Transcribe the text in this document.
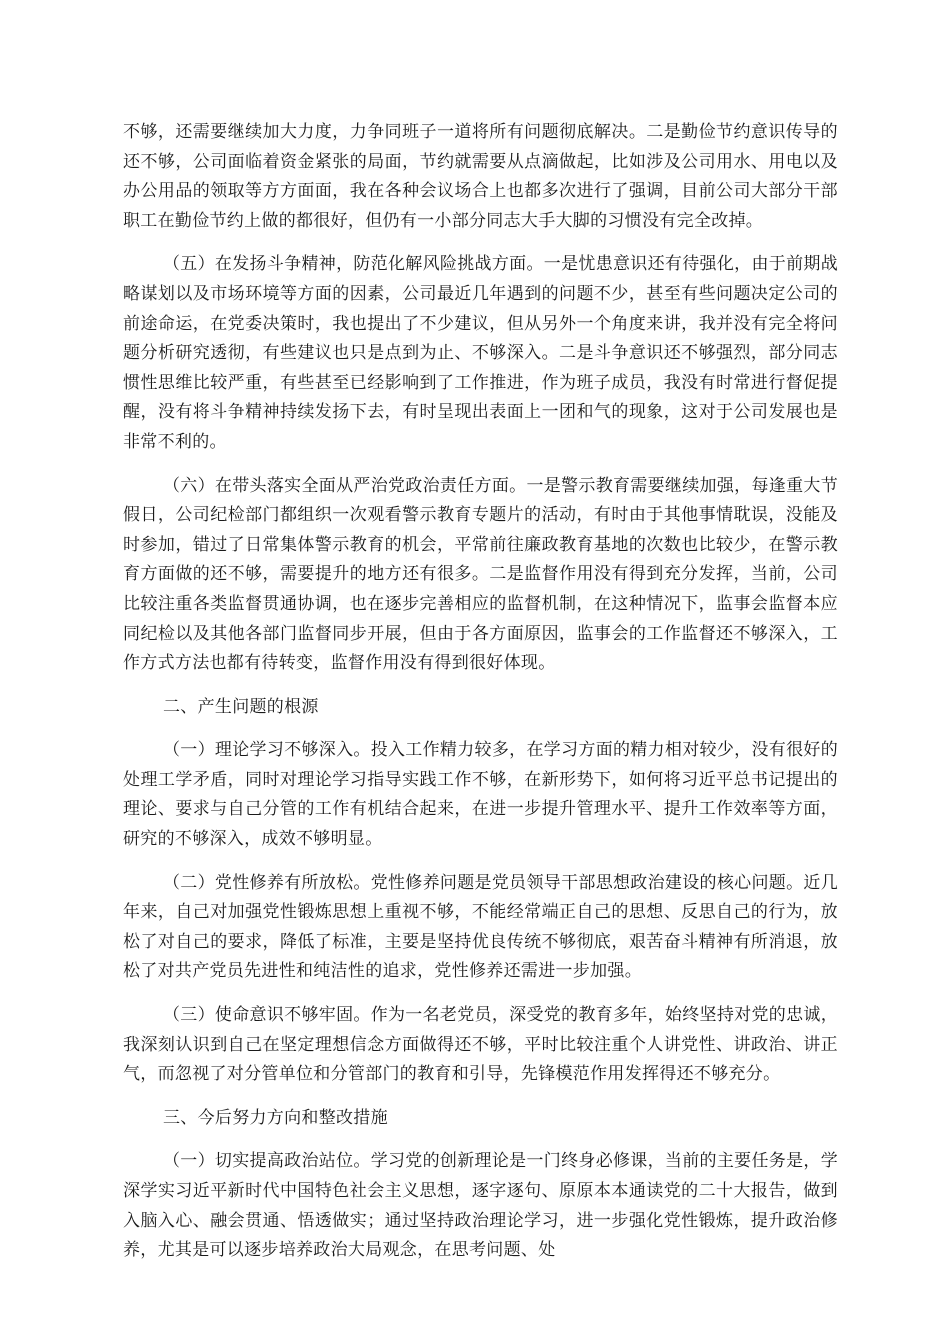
不够，还需要继续加大力度，力争同班子一道将所有问题彻底解决。二是勤俭节约意识传导的还不够，公司面临着资金紧张的局面，节约就需要从点滴做起，比如涉及公司用水、用电以及办公用品的领取等方方面面，我在各种会议场合上也都多次进行了强调，目前公司大部分干部职工在勤俭节约上做的都很好，但仍有一小部分同志大手大脚的习惯没有完全改掉。

（五）在发扬斗争精神，防范化解风险挑战方面。一是忧患意识还有待强化，由于前期战略谋划以及市场环境等方面的因素，公司最近几年遇到的问题不少，甚至有些问题决定公司的前途命运，在党委决策时，我也提出了不少建议，但从另外一个角度来讲，我并没有完全将问题分析研究透彻，有些建议也只是点到为止、不够深入。二是斗争意识还不够强烈，部分同志惯性思维比较严重，有些甚至已经影响到了工作推进，作为班子成员，我没有时常进行督促提醒，没有将斗争精神持续发扬下去，有时呈现出表面上一团和气的现象，这对于公司发展也是非常不利的。

（六）在带头落实全面从严治党政治责任方面。一是警示教育需要继续加强，每逢重大节假日，公司纪检部门都组织一次观看警示教育专题片的活动，有时由于其他事情耽误，没能及时参加，错过了日常集体警示教育的机会，平常前往廉政教育基地的次数也比较少，在警示教育方面做的还不够，需要提升的地方还有很多。二是监督作用没有得到充分发挥，当前，公司比较注重各类监督贯通协调，也在逐步完善相应的监督机制，在这种情况下，监事会监督本应同纪检以及其他各部门监督同步开展，但由于各方面原因，监事会的工作监督还不够深入，工作方式方法也都有待转变，监督作用没有得到很好体现。

二、产生问题的根源

（一）理论学习不够深入。投入工作精力较多，在学习方面的精力相对较少，没有很好的处理工学矛盾，同时对理论学习指导实践工作不够，在新形势下，如何将习近平总书记提出的理论、要求与自己分管的工作有机结合起来，在进一步提升管理水平、提升工作效率等方面，研究的不够深入，成效不够明显。

（二）党性修养有所放松。党性修养问题是党员领导干部思想政治建设的核心问题。近几年来，自己对加强党性锻炼思想上重视不够，不能经常端正自己的思想、反思自己的行为，放松了对自己的要求，降低了标准，主要是坚持优良传统不够彻底，艰苦奋斗精神有所消退，放松了对共产党员先进性和纯洁性的追求，党性修养还需进一步加强。

（三）使命意识不够牢固。作为一名老党员，深受党的教育多年，始终坚持对党的忠诚，我深刻认识到自己在坚定理想信念方面做得还不够，平时比较注重个人讲党性、讲政治、讲正气，而忽视了对分管单位和分管部门的教育和引导，先锋模范作用发挥得还不够充分。

三、今后努力方向和整改措施

（一）切实提高政治站位。学习党的创新理论是一门终身必修课，当前的主要任务是，学深学实习近平新时代中国特色社会主义思想，逐字逐句、原原本本通读党的二十大报告，做到入脑入心、融会贯通、悟透做实；通过坚持政治理论学习，进一步强化党性锻炼，提升政治修养，尤其是可以逐步培养政治大局观念，在思考问题、处
